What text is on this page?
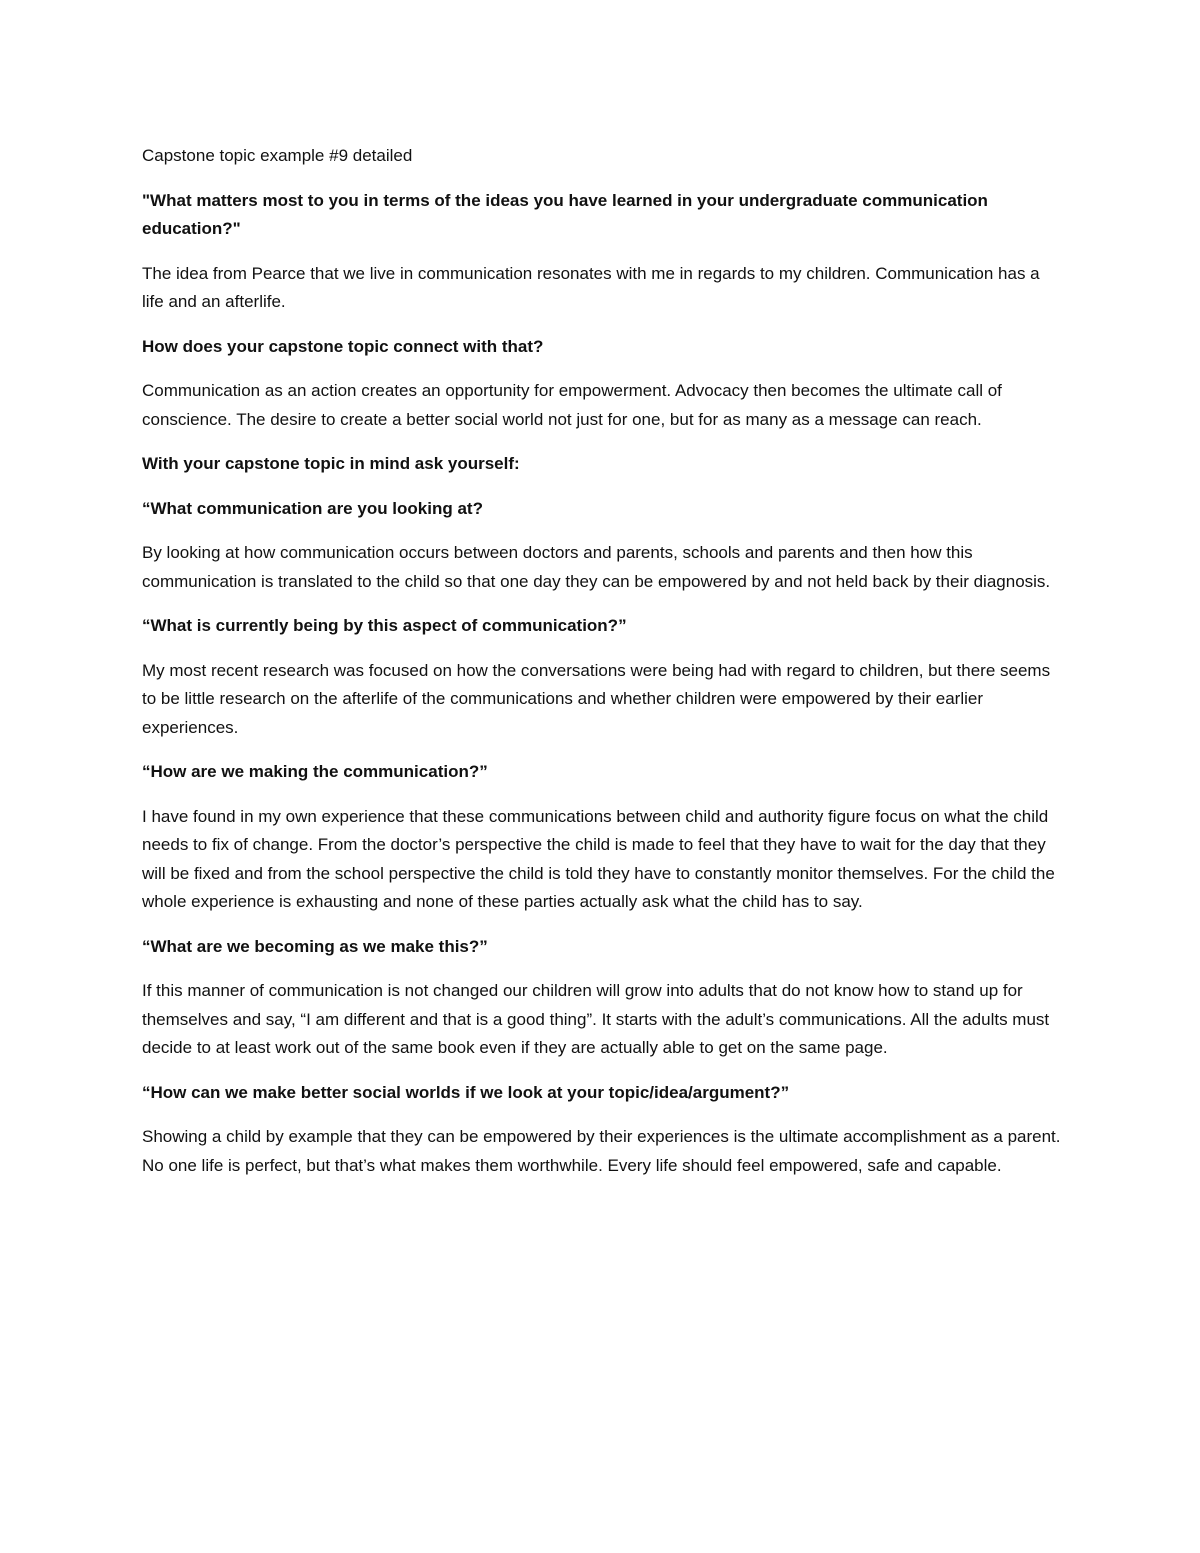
Capstone topic example #9 detailed

"What matters most to you in terms of the ideas you have learned in your undergraduate communication education?"

The idea from Pearce that we live in communication resonates with me in regards to my children. Communication has a life and an afterlife.

How does your capstone topic connect with that?

Communication as an action creates an opportunity for empowerment. Advocacy then becomes the ultimate call of conscience. The desire to create a better social world not just for one, but for as many as a message can reach.

With your capstone topic in mind ask yourself:

“What communication are you looking at?

By looking at how communication occurs between doctors and parents, schools and parents and then how this communication is translated to the child so that one day they can be empowered by and not held back by their diagnosis.

“What is currently being by this aspect of communication?”

My most recent research was focused on how the conversations were being had with regard to children, but there seems to be little research on the afterlife of the communications and whether children were empowered by their earlier experiences.

“How are we making the communication?”

I have found in my own experience that these communications between child and authority figure focus on what the child needs to fix of change. From the doctor’s perspective the child is made to feel that they have to wait for the day that they will be fixed and from the school perspective the child is told they have to constantly monitor themselves. For the child the whole experience is exhausting and none of these parties actually ask what the child has to say.

“What are we becoming as we make this?”

If this manner of communication is not changed our children will grow into adults that do not know how to stand up for themselves and say, “I am different and that is a good thing”. It starts with the adult’s communications. All the adults must decide to at least work out of the same book even if they are actually able to get on the same page.

“How can we make better social worlds if we look at your topic/idea/argument?”

Showing a child by example that they can be empowered by their experiences is the ultimate accomplishment as a parent. No one life is perfect, but that’s what makes them worthwhile. Every life should feel empowered, safe and capable.
